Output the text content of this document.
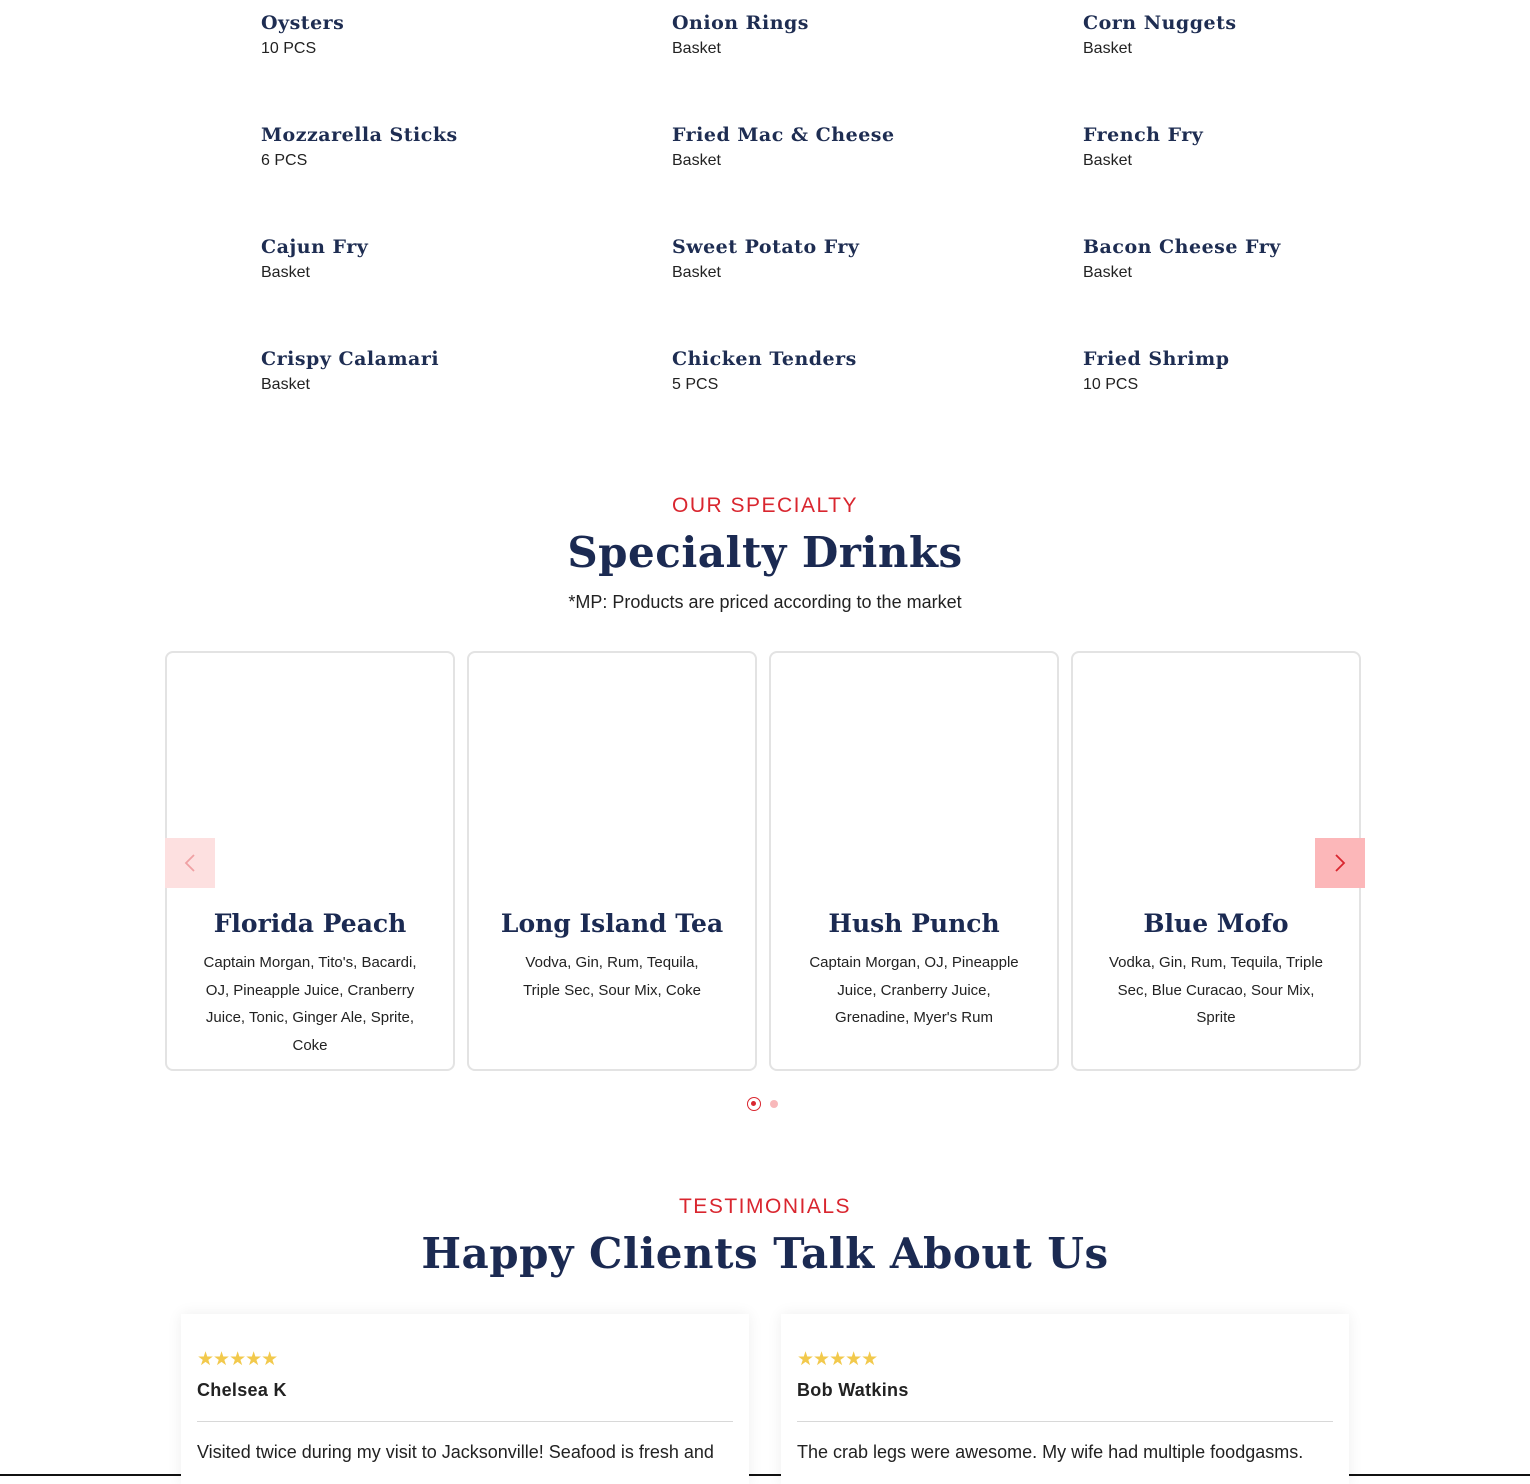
Oysters
10 PCS
Onion Rings
Basket
Corn Nuggets
Basket
Mozzarella Sticks
6 PCS
Fried Mac & Cheese
Basket
French Fry
Basket
Cajun Fry
Basket
Sweet Potato Fry
Basket
Bacon Cheese Fry
Basket
Crispy Calamari
Basket
Chicken Tenders
5 PCS
Fried Shrimp
10 PCS
OUR SPECIALTY
Specialty Drinks
*MP: Products are priced according to the market
Florida Peach
Captain Morgan, Tito's, Bacardi, OJ, Pineapple Juice, Cranberry Juice, Tonic, Ginger Ale, Sprite, Coke
Long Island Tea
Vodva, Gin, Rum, Tequila, Triple Sec, Sour Mix, Coke
Hush Punch
Captain Morgan, OJ, Pineapple Juice, Cranberry Juice, Grenadine, Myer's Rum
Blue Mofo
Vodka, Gin, Rum, Tequila, Triple Sec, Blue Curacao, Sour Mix, Sprite
TESTIMONIALS
Happy Clients Talk About Us
★★★★★
Chelsea K
Visited twice during my visit to Jacksonville! Seafood is fresh and
★★★★★
Bob Watkins
The crab legs were awesome. My wife had multiple foodgasms.
